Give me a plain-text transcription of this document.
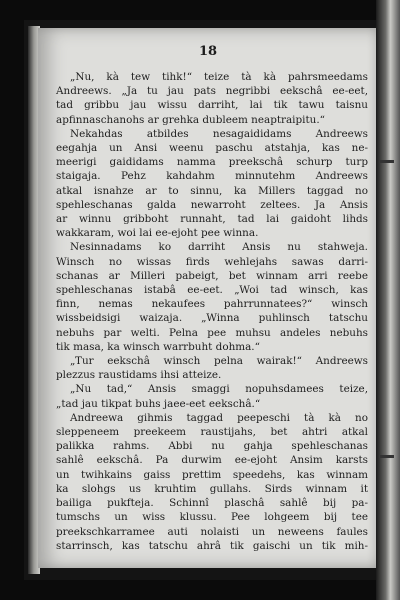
18
„Nu, kà tew tihk!“ teize tà kà pahrsmeedams
Andreews. „Ja tu jau pats negribbi eekschâ ee-eet,
tad gribbu jau wissu darriht, lai tik tawu taisnu
apfinnaschanohs ar grehka dubleem neaptraipitu.“
Nekahdas atbildes nesagaididams Andreews
eegahja un Ansi weenu paschu atstahja, kas ne-
meerigi gaididams namma preekschâ schurp turp
staigaja. Pehz kahdahm minnutehm Andreews
atkal isnahze ar to sinnu, ka Millers taggad no
spehleschanas galda newarroht zeltees. Ja Ansis
ar winnu gribboht runnaht, tad lai gaidoht lihds
wakkaram, woi lai ee-ejoht pee winna.
Nesinnadams ko darriht Ansis nu stahweja.
Winsch no wissas firds wehlejahs sawas darri-
schanas ar Milleri pabeigt, bet winnam arri reebe
spehleschanas istabâ ee-eet. „Woi tad winsch, kas
finn, nemas nekaufees pahrrunnatees?“ winsch
wissbeidsigi waizaja. „Winna puhlinsch tatschu
nebuhs par welti. Pelna pee muhsu andeles nebuhs
tik masa, ka winsch warrbuht dohma.“
„Tur eekschâ winsch pelna wairak!“ Andreews
plezzus raustidams ihsi atteize.
„Nu tad,“ Ansis smaggi nopuhsdamees teize,
„tad jau tikpat buhs jaee-eet eekschâ.“
Andreewa gihmis taggad peepeschi tà kà no
sleppeneem preekeem raustijahs, bet ahtri atkal
palikka rahms. Abbi nu gahja spehleschanas
sahlê eekschâ. Pa durwim ee-ejoht Ansim karsts
un twihkains gaiss prettim speedehs, kas winnam
ka slohgs us kruhtim gullahs. Sirds winnam it
bailiga pukfteja. Schinnî plaschâ sahlê bij pa-
tumschs un wiss klussu. Pee lohgeem bij tee
preekschkarramee auti nolaisti un neweens faules
starrinsch, kas tatschu ahrâ tik gaischi un tik mih-
